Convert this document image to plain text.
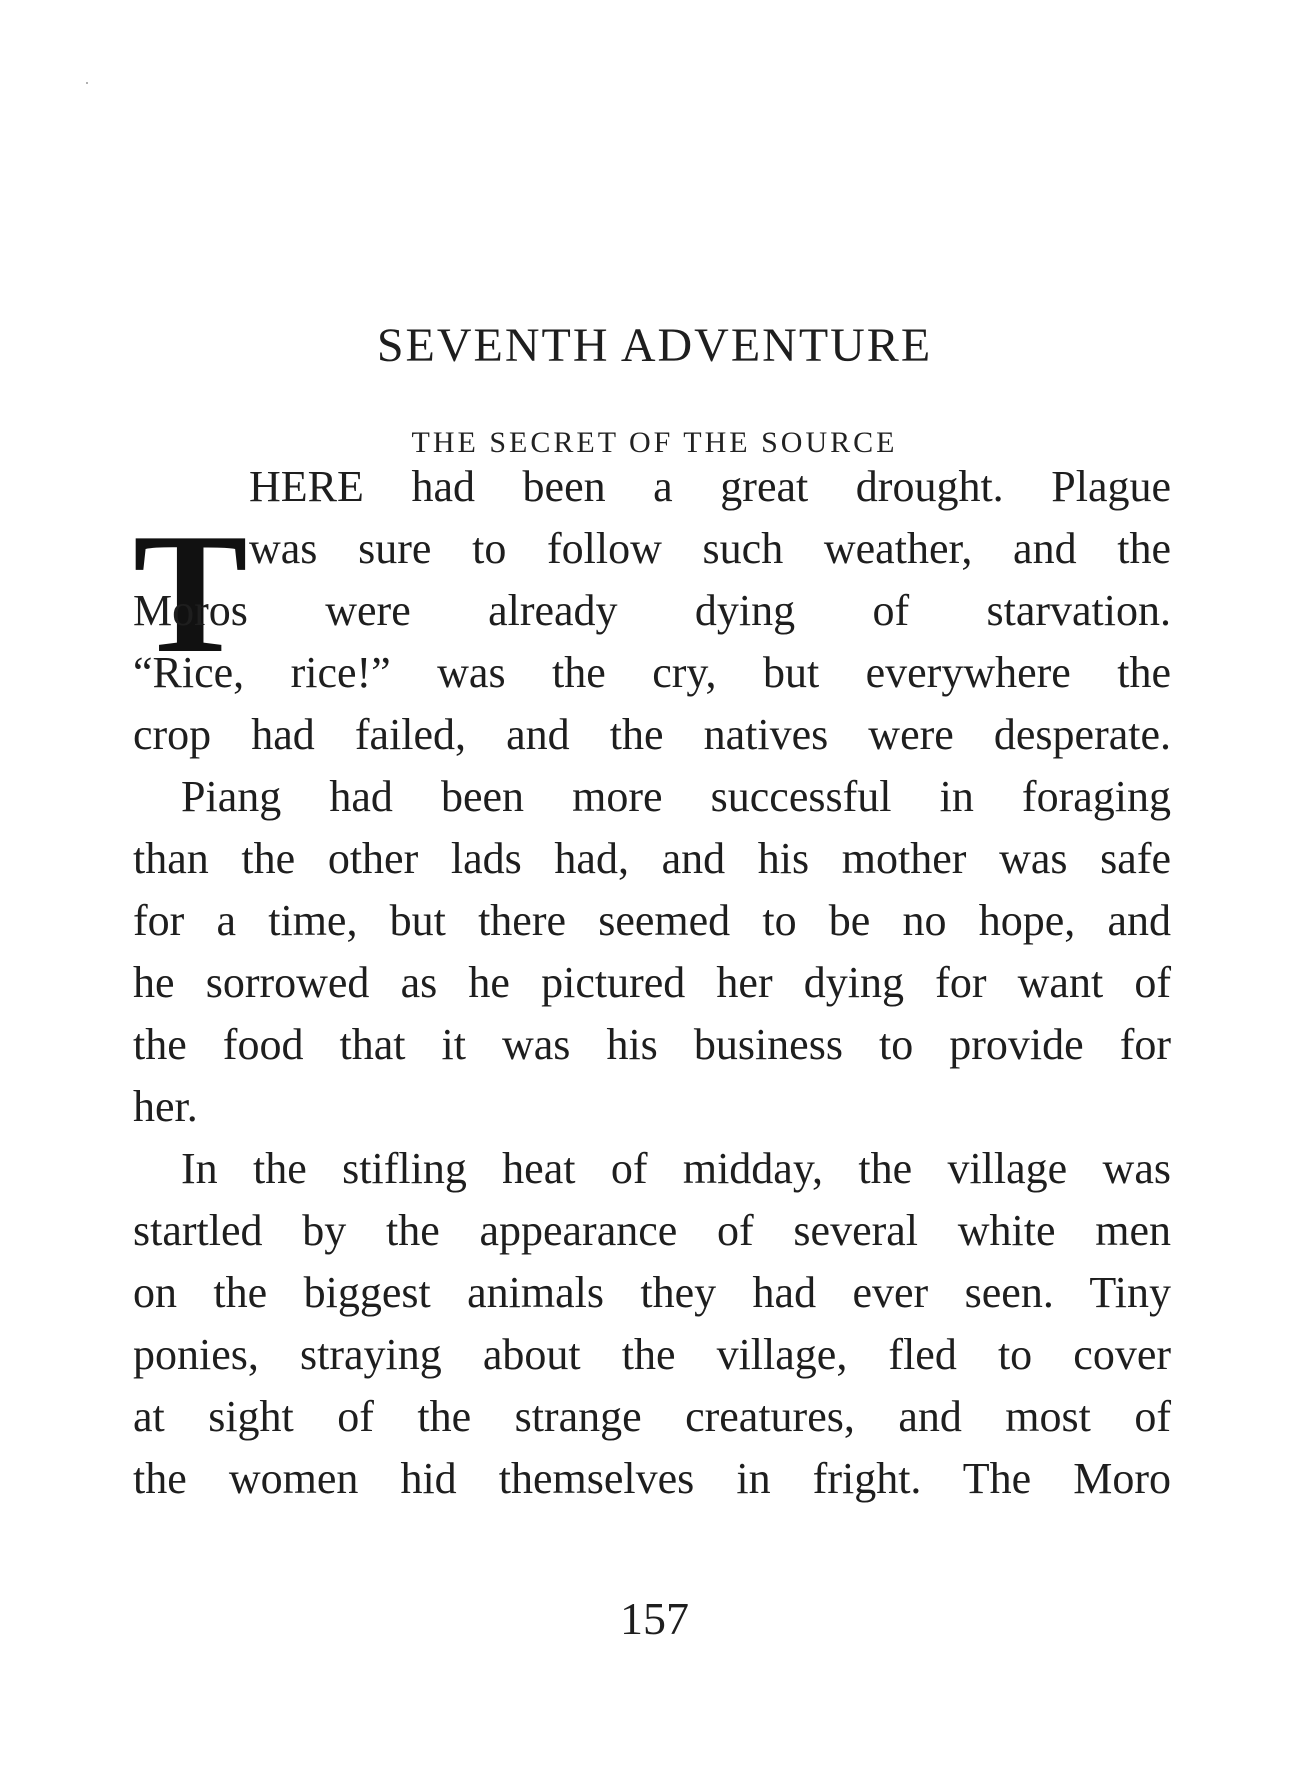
SEVENTH ADVENTURE
THE SECRET OF THE SOURCE
T
HERE had been a great drought. Plague
was sure to follow such weather, and the
Moros were already dying of starvation.
“Rice, rice!” was the cry, but everywhere the
crop had failed, and the natives were desperate.
Piang had been more successful in foraging
than the other lads had, and his mother was safe
for a time, but there seemed to be no hope, and
he sorrowed as he pictured her dying for want of
the food that it was his business to provide for
her.
In the stifling heat of midday, the village was
startled by the appearance of several white men
on the biggest animals they had ever seen. Tiny
ponies, straying about the village, fled to cover
at sight of the strange creatures, and most of
the women hid themselves in fright. The Moro
157
